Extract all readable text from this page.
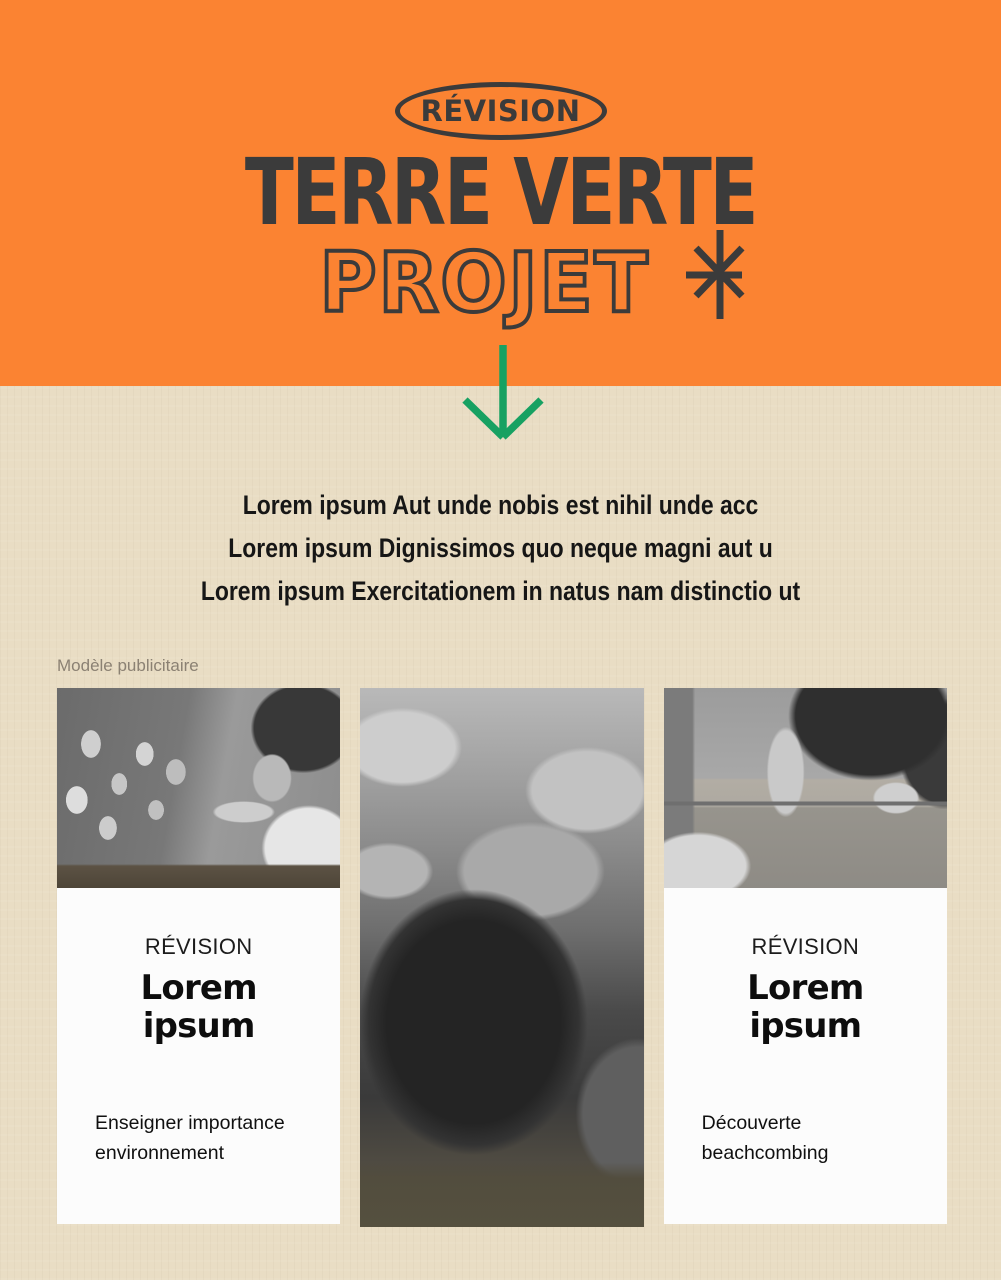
RÉVISION
TERRE VERTE
PROJET
Lorem ipsum Aut unde nobis est nihil unde acc
Lorem ipsum Dignissimos quo neque magni aut u
Lorem ipsum Exercitationem in natus nam distinctio ut
Modèle publicitaire
RÉVISION
Lorem ipsum
Enseigner importance environnement
RÉVISION
Lorem ipsum
Découverte beachcombing
